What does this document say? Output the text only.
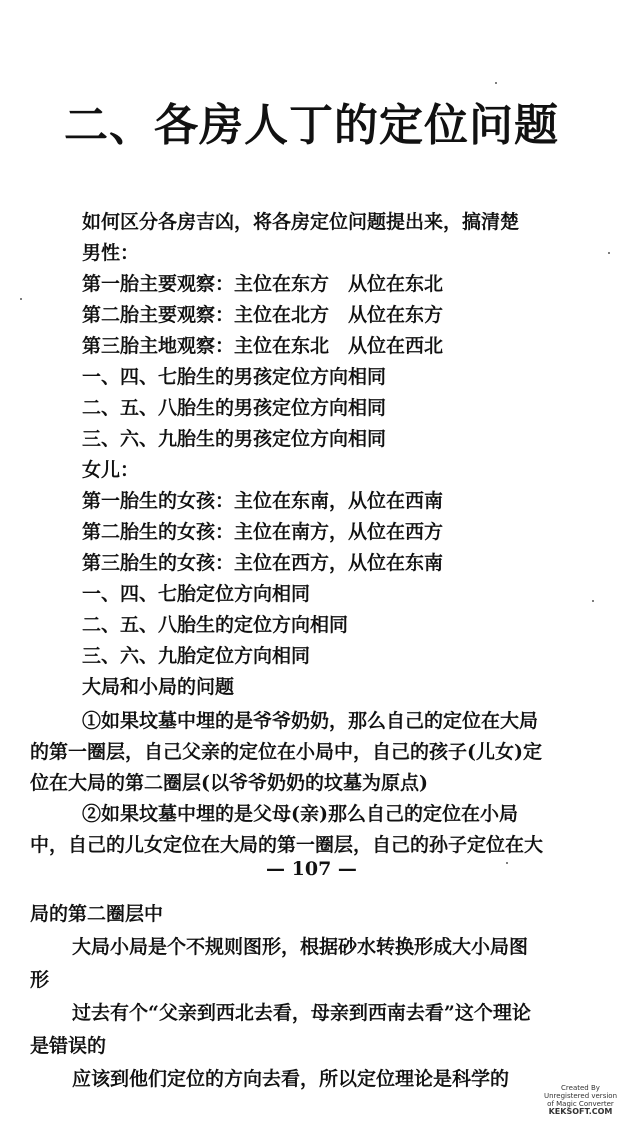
二、各房人丁的定位问题
如何区分各房吉凶，将各房定位问题提出来，搞清楚
男性：
第一胎主要观察：主位在东方　从位在东北
第二胎主要观察：主位在北方　从位在东方
第三胎主地观察：主位在东北　从位在西北
一、四、七胎生的男孩定位方向相同
二、五、八胎生的男孩定位方向相同
三、六、九胎生的男孩定位方向相同
女儿：
第一胎生的女孩：主位在东南，从位在西南
第二胎生的女孩：主位在南方，从位在西方
第三胎生的女孩：主位在西方，从位在东南
一、四、七胎定位方向相同
二、五、八胎生的定位方向相同
三、六、九胎定位方向相同
大局和小局的问题
①如果坟墓中埋的是爷爷奶奶，那么自己的定位在大局
的第一圈层，自己父亲的定位在小局中，自己的孩子(儿女)定
位在大局的第二圈层(以爷爷奶奶的坟墓为原点)
②如果坟墓中埋的是父母(亲)那么自己的定位在小局
中，自己的儿女定位在大局的第一圈层，自己的孙子定位在大
— 107 —
局的第二圈层中
大局小局是个不规则图形，根据砂水转换形成大小局图
形
过去有个“父亲到西北去看，母亲到西南去看”这个理论
是错误的
应该到他们定位的方向去看，所以定位理论是科学的	Created By
Unregistered version
of Magic Converter
KEKSOFT.COM
